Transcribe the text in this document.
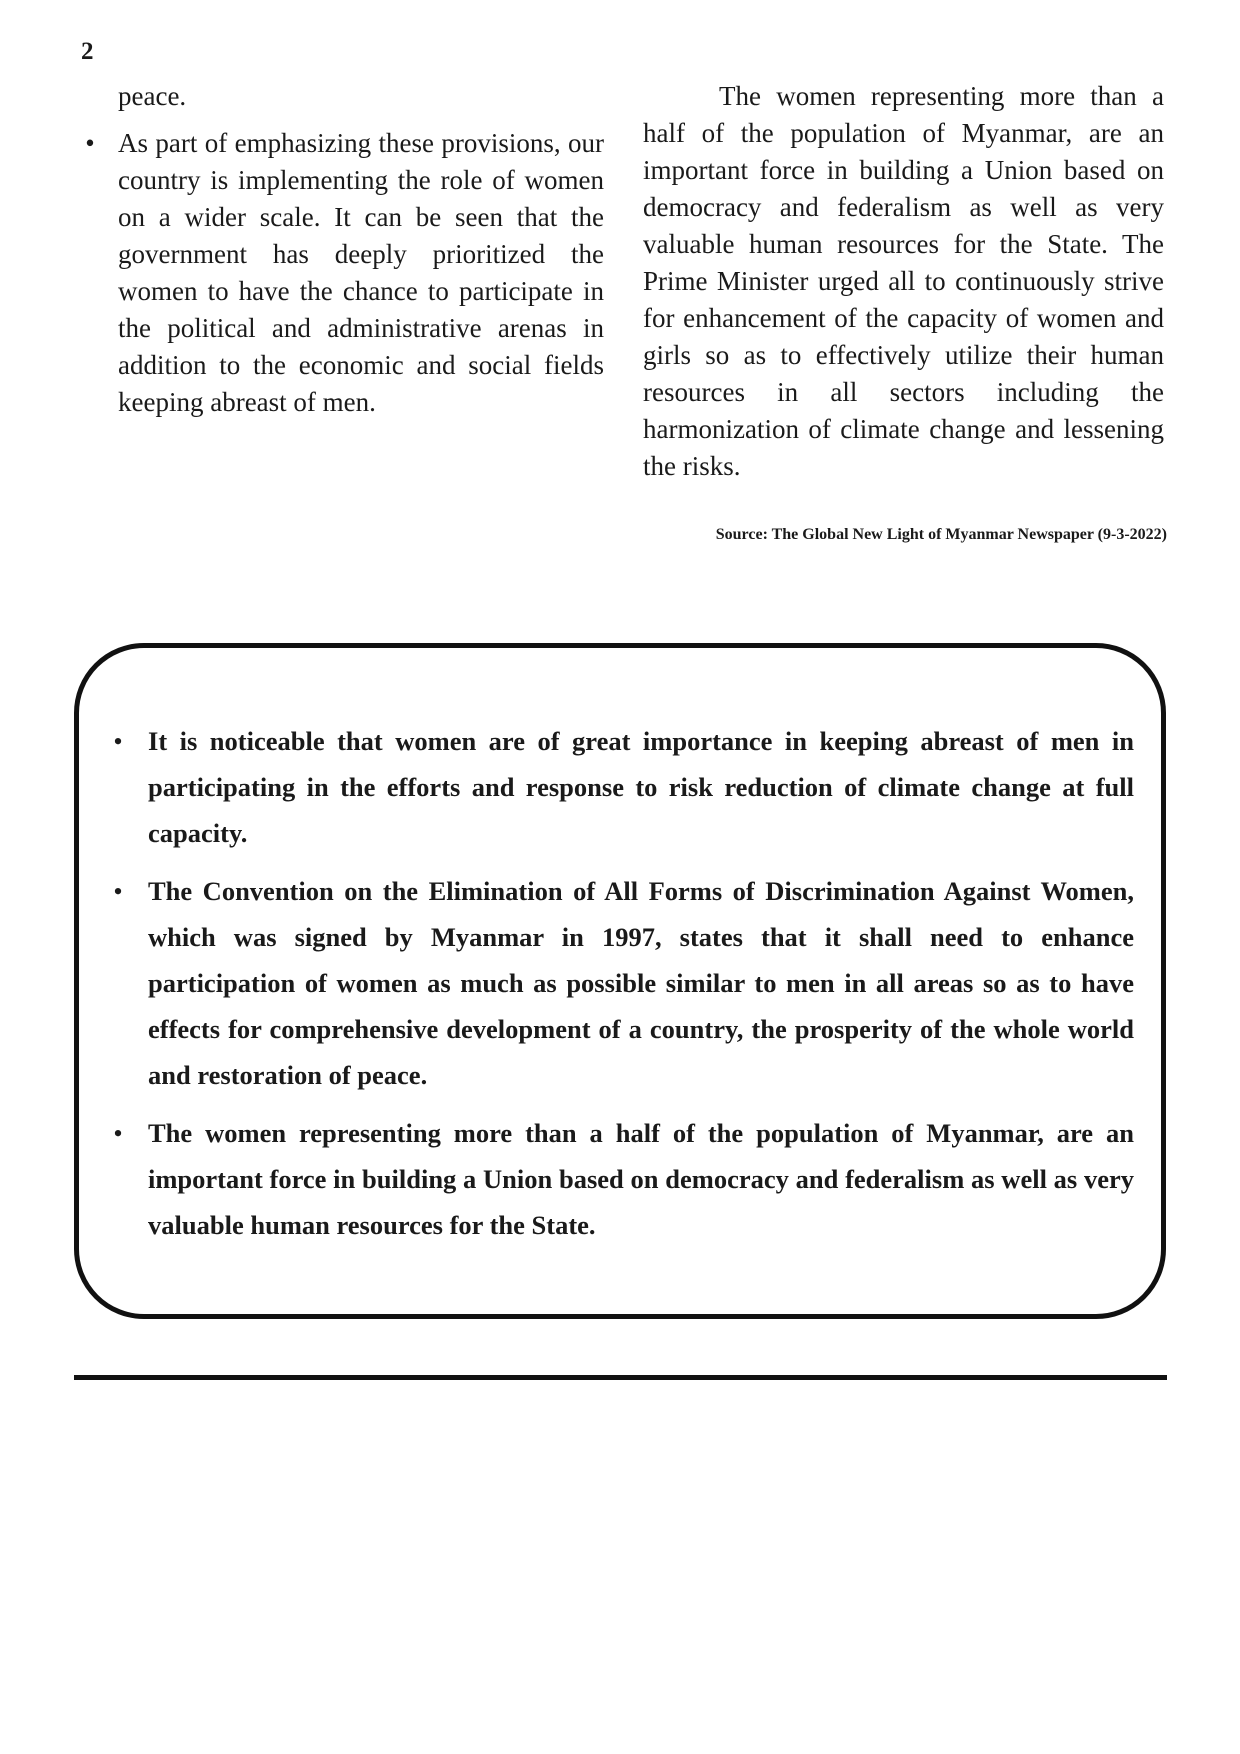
2

peace.

• As part of emphasizing these provisions, our country is implementing the role of women on a wider scale. It can be seen that the government has deeply prioritized the women to have the chance to participate in the political and administrative arenas in addition to the economic and social fields keeping abreast of men.

The women representing more than a half of the population of Myanmar, are an important force in building a Union based on democracy and federalism as well as very valuable human resources for the State. The Prime Minister urged all to continuously strive for enhancement of the capacity of women and girls so as to effectively utilize their human resources in all sectors including the harmonization of climate change and lessening the risks.

Source: The Global New Light of Myanmar Newspaper (9-3-2022)
• It is noticeable that women are of great importance in keeping abreast of men in participating in the efforts and response to risk reduction of climate change at full capacity.
• The Convention on the Elimination of All Forms of Discrimination Against Women, which was signed by Myanmar in 1997, states that it shall need to enhance participation of women as much as possible similar to men in all areas so as to have effects for comprehensive development of a country, the prosperity of the whole world and restoration of peace.
• The women representing more than a half of the population of Myanmar, are an important force in building a Union based on democracy and federalism as well as very valuable human resources for the State.
